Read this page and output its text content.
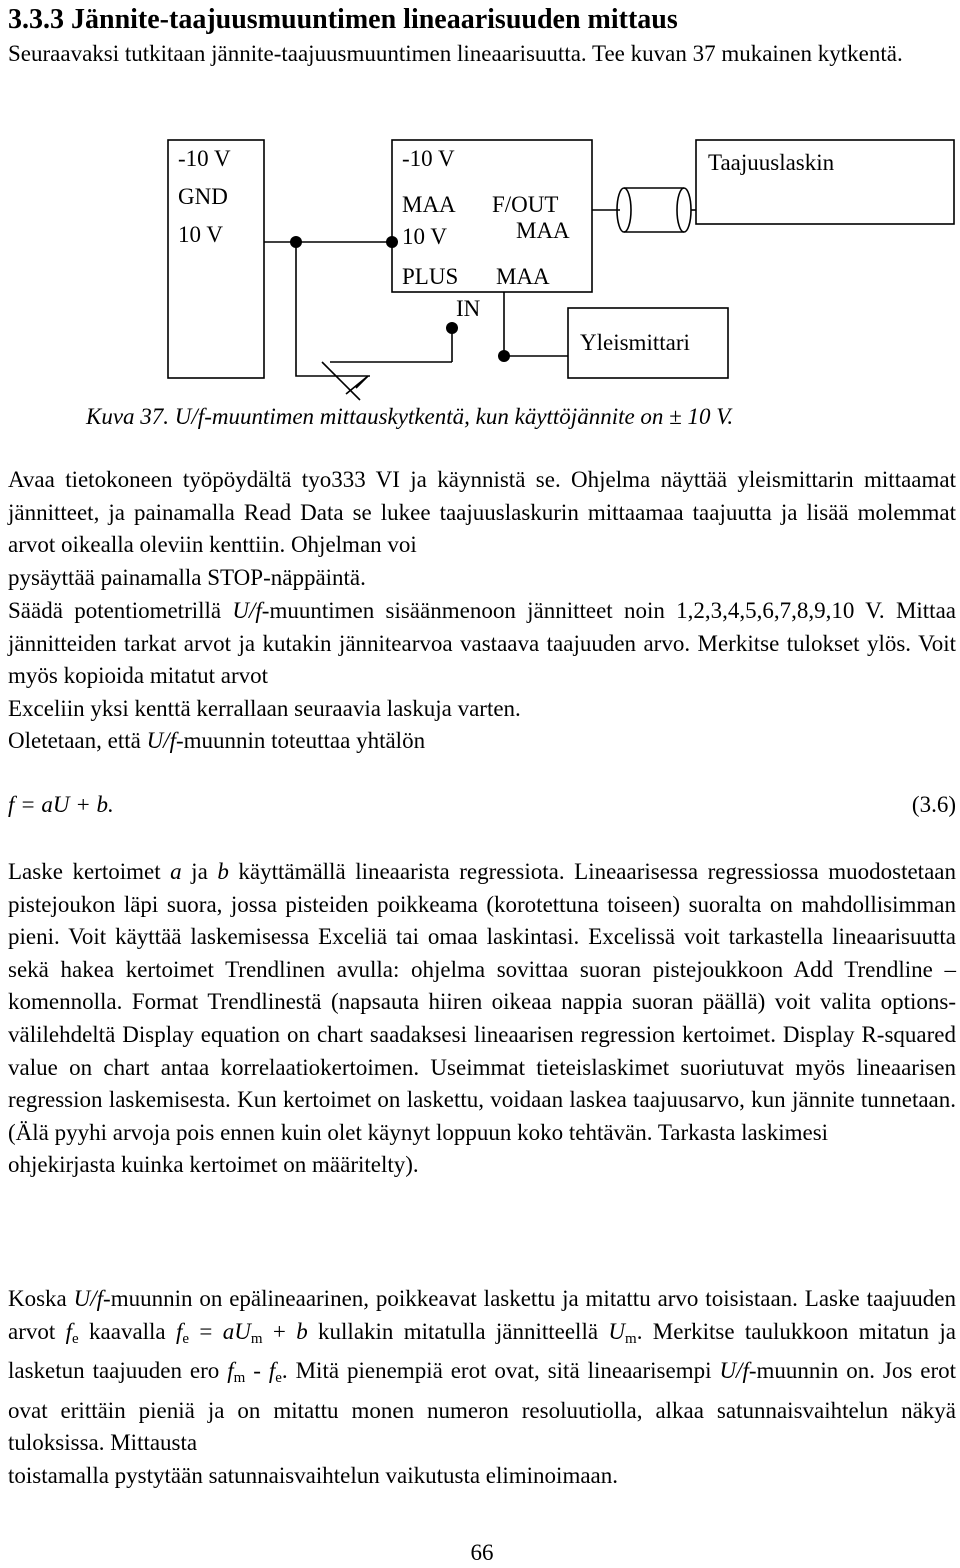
3.3.3 Jännite-taajuusmuuntimen lineaarisuuden mittaus

Seuraavaksi tutkitaan jännite-taajuusmuuntimen lineaarisuutta. Tee kuvan 37 mukainen kytkentä.

-10 V
GND
10 V
-10 V
MAA
10 V
F/OUT
MAA
PLUS MAA
IN
Taajuuslaskin
Yleismittari

Kuva 37. U/f-muuntimen mittauskytkentä, kun käyttöjännite on ± 10 V.

Avaa tietokoneen työpöydältä tyo333 VI ja käynnistä se. Ohjelma näyttää yleismittarin mittaamat jännitteet, ja painamalla Read Data se lukee taajuuslaskurin mittaamaa taajuutta ja lisää molemmat arvot oikealla oleviin kenttiin. Ohjelman voi
pysäyttää painamalla STOP-näppäintä.

Säädä potentiometrillä U/f-muuntimen sisäänmenoon jännitteet noin 1,2,3,4,5,6,7,8,9,10 V. Mittaa jännitteiden tarkat arvot ja kutakin jännitearvoa vastaava taajuuden arvo. Merkitse tulokset ylös. Voit myös kopioida mitatut arvot
Exceliin yksi kenttä kerrallaan seuraavia laskuja varten.

Oletetaan, että U/f-muunnin toteuttaa yhtälön

f = aU + b.	(3.6)

Laske kertoimet a ja b käyttämällä lineaarista regressiota. Lineaarisessa regressiossa muodostetaan pistejoukon läpi suora, jossa pisteiden poikkeama (korotettuna toiseen) suoralta on mahdollisimman pieni. Voit käyttää laskemisessa Exceliä tai omaa laskintasi. Excelissä voit tarkastella lineaarisuutta sekä hakea kertoimet Trendlinen avulla: ohjelma sovittaa suoran pistejoukkoon Add Trendline – komennolla. Format Trendlinestä (napsauta hiiren oikeaa nappia suoran päällä) voit valita options-välilehdeltä Display equation on chart saadaksesi lineaarisen regression kertoimet. Display R-squared value on chart antaa korrelaatiokertoimen. Useimmat tieteislaskimet suoriutuvat myös lineaarisen regression laskemisesta. Kun kertoimet on laskettu, voidaan laskea taajuusarvo, kun jännite tunnetaan. (Älä pyyhi arvoja pois ennen kuin olet käynyt loppuun koko tehtävän. Tarkasta laskimesi
ohjekirjasta kuinka kertoimet on määritelty).

Koska U/f-muunnin on epälineaarinen, poikkeavat laskettu ja mitattu arvo toisistaan. Laske taajuuden arvot $f_e$ kaavalla $f_e = aU_m + b$ kullakin mitatulla jännitteellä $U_m$. Merkitse taulukkoon mitatun ja lasketun taajuuden ero $f_m - f_e$. Mitä pienempiä erot ovat, sitä lineaarisempi U/f-muunnin on. Jos erot ovat erittäin pieniä ja on mitattu monen numeron resoluutiolla, alkaa satunnaisvaihtelun näkyä tuloksissa. Mittausta
toistamalla pystytään satunnaisvaihtelun vaikutusta eliminoimaan.

66
